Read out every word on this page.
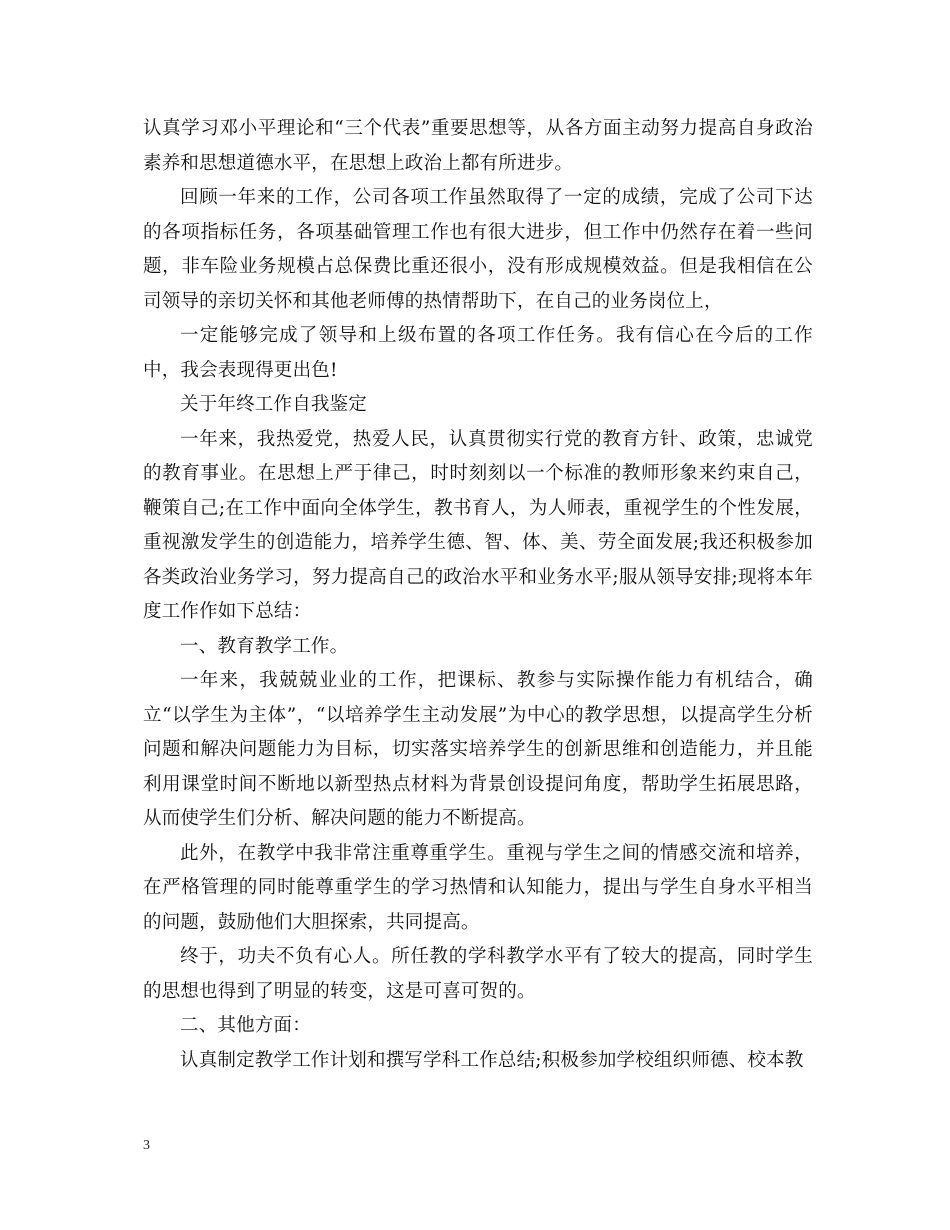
认真学习邓小平理论和“三个代表”重要思想等，从各方面主动努力提高自身政治素养和思想道德水平，在思想上政治上都有所进步。

回顾一年来的工作，公司各项工作虽然取得了一定的成绩，完成了公司下达的各项指标任务，各项基础管理工作也有很大进步，但工作中仍然存在着一些问题，非车险业务规模占总保费比重还很小，没有形成规模效益。但是我相信在公司领导的亲切关怀和其他老师傅的热情帮助下，在自己的业务岗位上，

一定能够完成了领导和上级布置的各项工作任务。我有信心在今后的工作中，我会表现得更出色!

关于年终工作自我鉴定

一年来，我热爱党，热爱人民，认真贯彻实行党的教育方针、政策，忠诚党的教育事业。在思想上严于律己，时时刻刻以一个标准的教师形象来约束自己，鞭策自己;在工作中面向全体学生，教书育人，为人师表，重视学生的个性发展，重视激发学生的创造能力，培养学生德、智、体、美、劳全面发展;我还积极参加各类政治业务学习，努力提高自己的政治水平和业务水平;服从领导安排;现将本年度工作作如下总结：

一、教育教学工作。

一年来，我兢兢业业的工作，把课标、教参与实际操作能力有机结合，确立“以学生为主体”，“以培养学生主动发展”为中心的教学思想，以提高学生分析问题和解决问题能力为目标，切实落实培养学生的创新思维和创造能力，并且能利用课堂时间不断地以新型热点材料为背景创设提问角度，帮助学生拓展思路，从而使学生们分析、解决问题的能力不断提高。

此外，在教学中我非常注重尊重学生。重视与学生之间的情感交流和培养，在严格管理的同时能尊重学生的学习热情和认知能力，提出与学生自身水平相当的问题，鼓励他们大胆探索，共同提高。

终于，功夫不负有心人。所任教的学科教学水平有了较大的提高，同时学生的思想也得到了明显的转变，这是可喜可贺的。

二、其他方面：

认真制定教学工作计划和撰写学科工作总结;积极参加学校组织师德、校本教

3
